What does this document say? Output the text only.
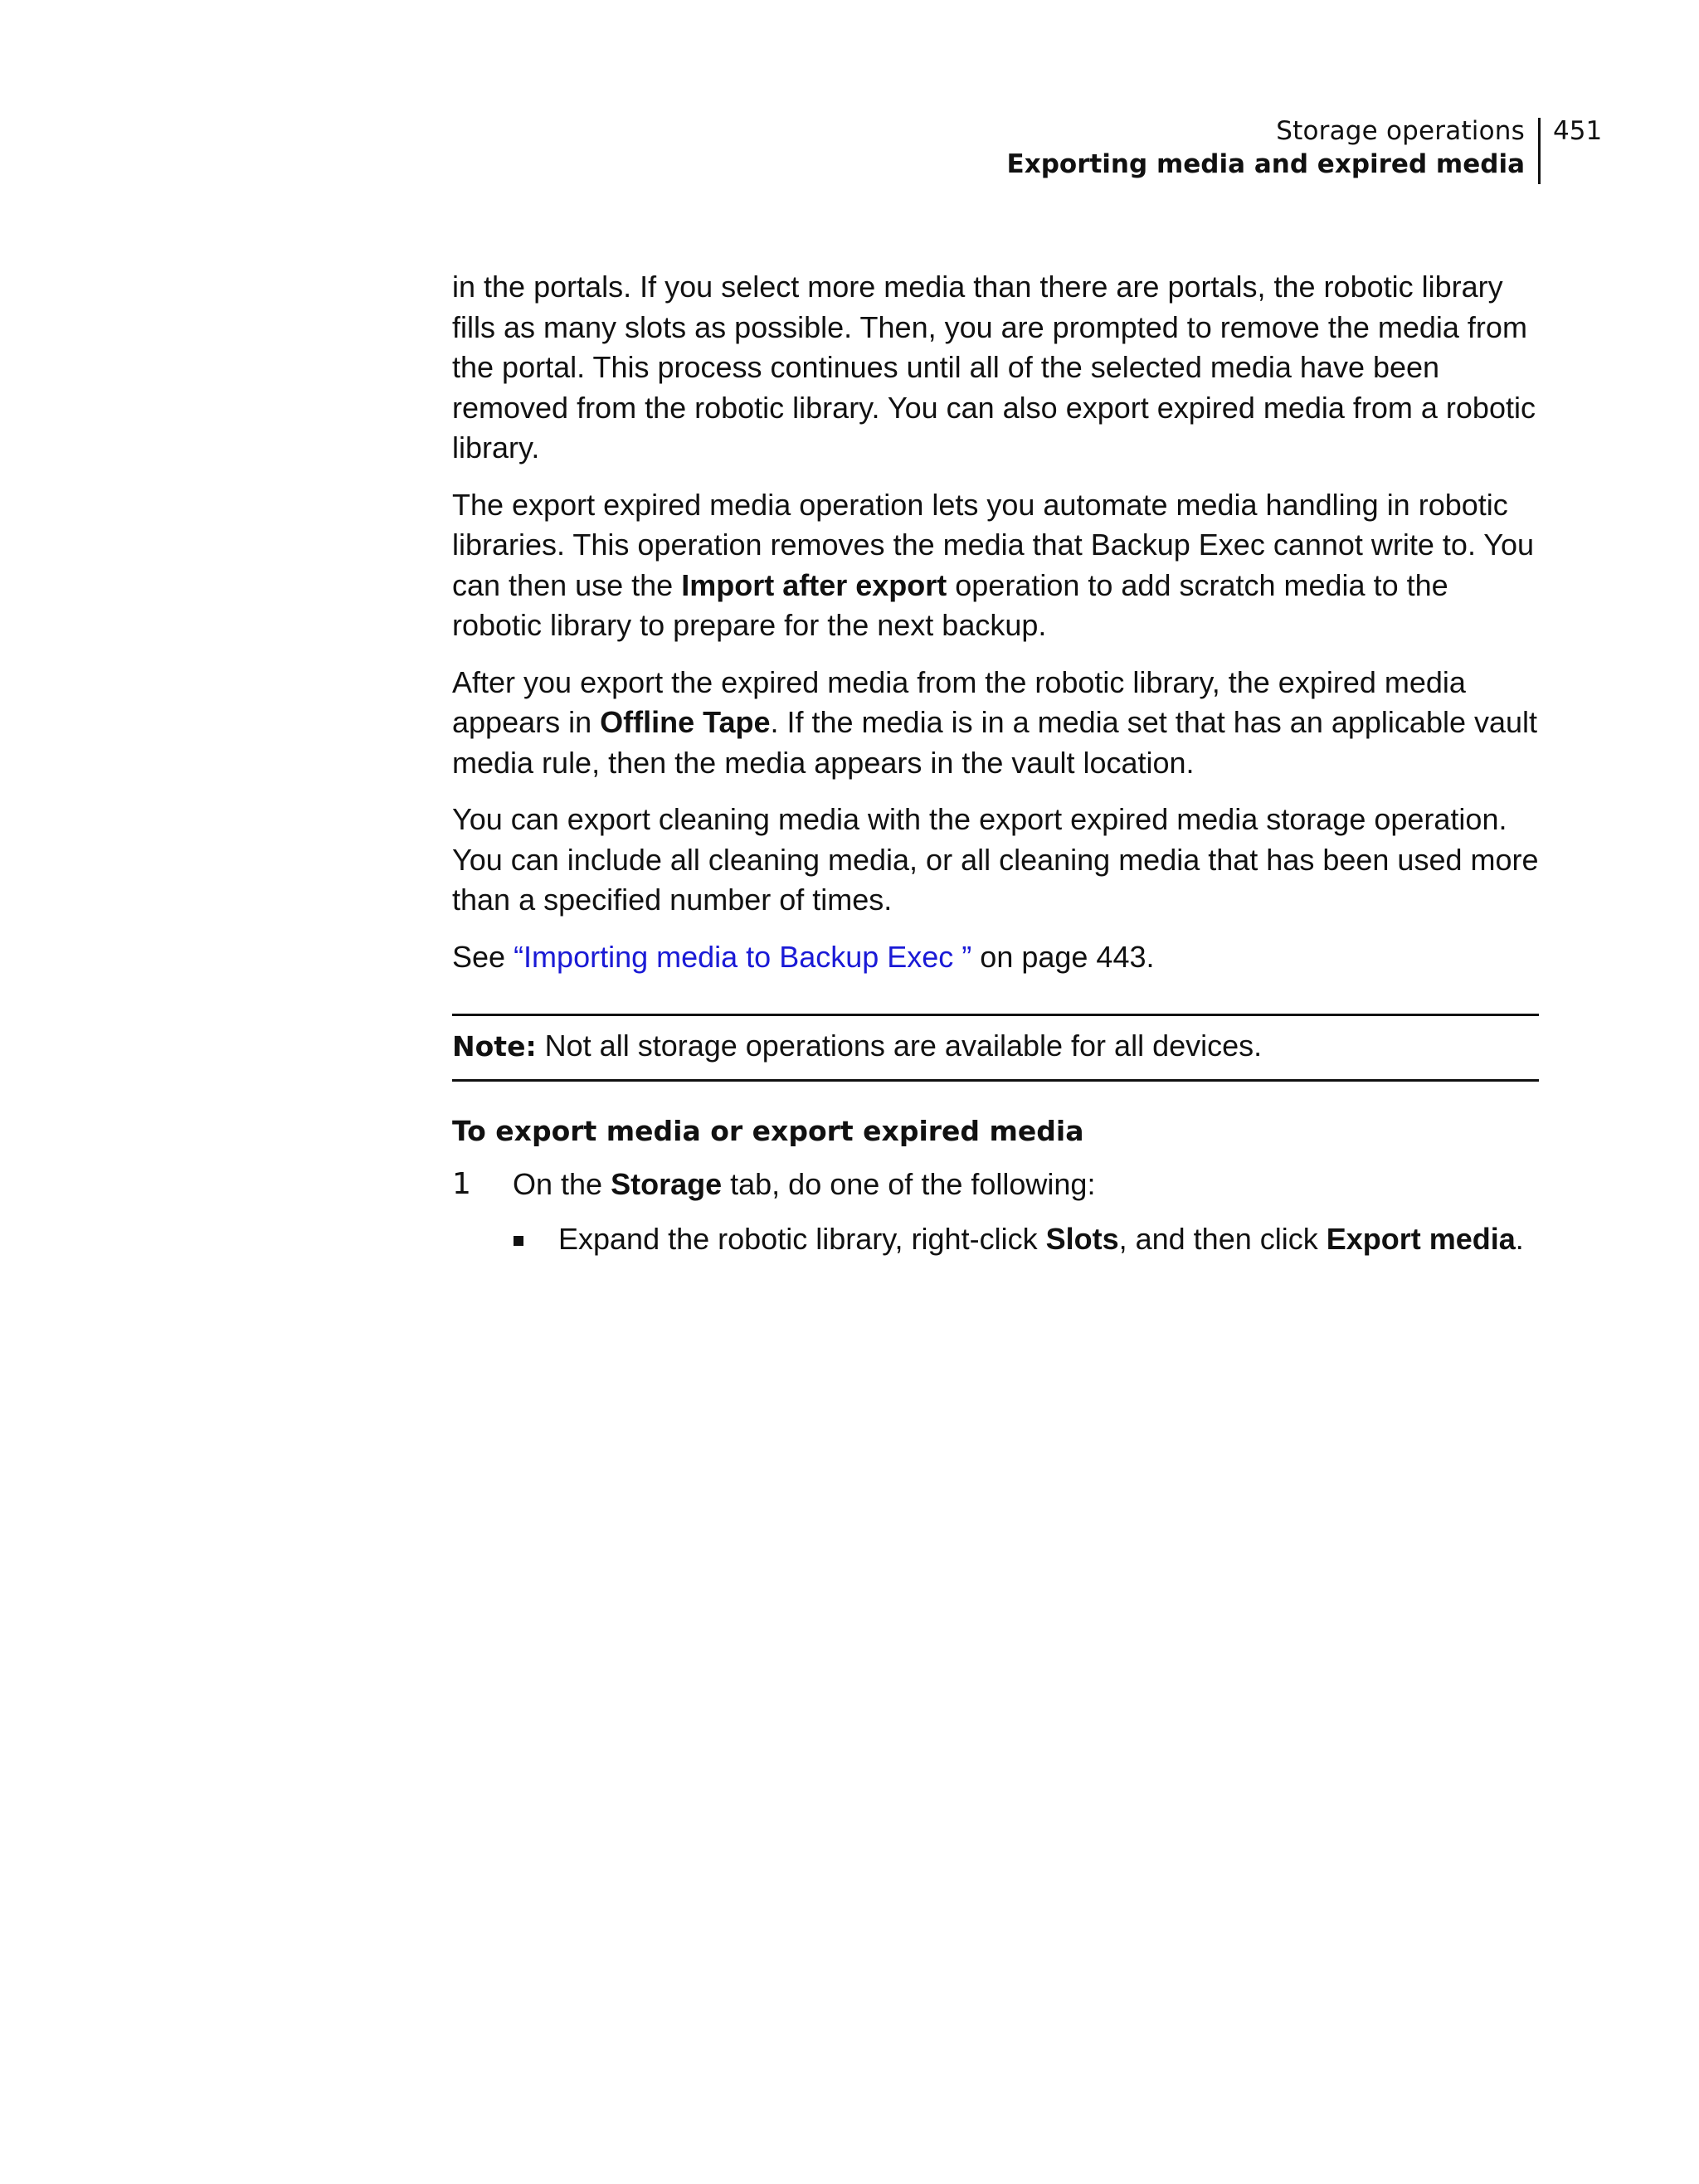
Storage operations
Exporting media and expired media
451

in the portals. If you select more media than there are portals, the robotic library fills as many slots as possible. Then, you are prompted to remove the media from the portal. This process continues until all of the selected media have been removed from the robotic library. You can also export expired media from a robotic library.

The export expired media operation lets you automate media handling in robotic libraries. This operation removes the media that Backup Exec cannot write to. You can then use the Import after export operation to add scratch media to the robotic library to prepare for the next backup.

After you export the expired media from the robotic library, the expired media appears in Offline Tape. If the media is in a media set that has an applicable vault media rule, then the media appears in the vault location.

You can export cleaning media with the export expired media storage operation. You can include all cleaning media, or all cleaning media that has been used more than a specified number of times.

See “Importing media to Backup Exec ” on page 443.

Note: Not all storage operations are available for all devices.
To export media or export expired media
1 On the Storage tab, do one of the following:
Expand the robotic library, right-click Slots, and then click Export media.
